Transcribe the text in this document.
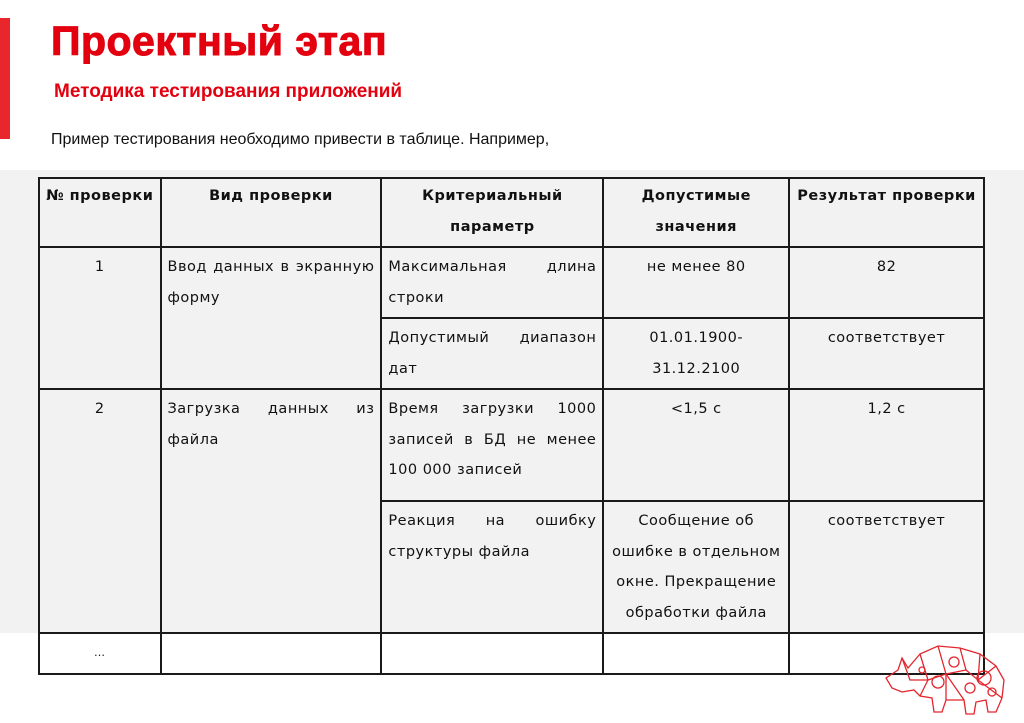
Проектный этап
Методика тестирования приложений

Пример тестирования необходимо привести в таблице. Например,

№ проверки	Вид проверки	Критериальный параметр	Допустимые значения	Результат проверки
1	Ввод данных в экранную форму	Максимальная длина строки	не менее 80	82
		Допустимый диапазон дат	01.01.1900-31.12.2100	соответствует
2	Загрузка данных из файла	Время загрузки 1000 записей в БД не менее 100 000 записей	<1,5 с	1,2 с
		Реакция на ошибку структуры файла	Сообщение об ошибке в отдельном окне. Прекращение обработки файла	соответствует
…				
